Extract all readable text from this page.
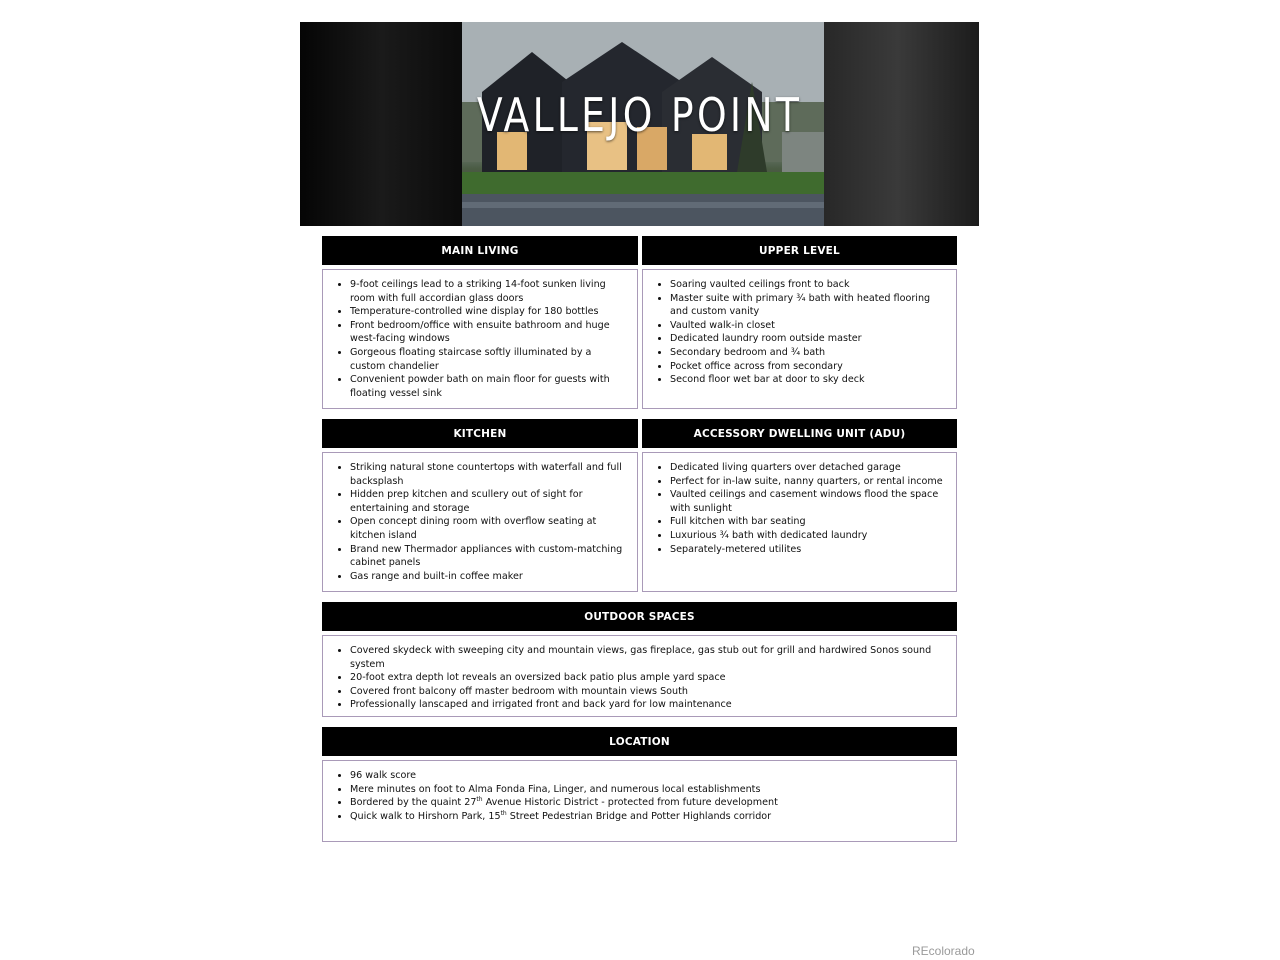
VALLEJO POINT
MAIN LIVING
• 9-foot ceilings lead to a striking 14-foot sunken living room with full accordian glass doors
• Temperature-controlled wine display for 180 bottles
• Front bedroom/office with ensuite bathroom and huge west-facing windows
• Gorgeous floating staircase softly illuminated by a custom chandelier
• Convenient powder bath on main floor for guests with floating vessel sink
UPPER LEVEL
• Soaring vaulted ceilings front to back
• Master suite with primary ¾ bath with heated flooring and custom vanity
• Vaulted walk-in closet
• Dedicated laundry room outside master
• Secondary bedroom and ¾ bath
• Pocket office across from secondary
• Second floor wet bar at door to sky deck
KITCHEN
• Striking natural stone countertops with waterfall and full backsplash
• Hidden prep kitchen and scullery out of sight for entertaining and storage
• Open concept dining room with overflow seating at kitchen island
• Brand new Thermador appliances with custom-matching cabinet panels
• Gas range and built-in coffee maker
ACCESSORY DWELLING UNIT (ADU)
• Dedicated living quarters over detached garage
• Perfect for in-law suite, nanny quarters, or rental income
• Vaulted ceilings and casement windows flood the space with sunlight
• Full kitchen with bar seating
• Luxurious ¾ bath with dedicated laundry
• Separately-metered utilites
OUTDOOR SPACES
• Covered skydeck with sweeping city and mountain views, gas fireplace, gas stub out for grill and hardwired Sonos sound system
• 20-foot extra depth lot reveals an oversized back patio plus ample yard space
• Covered front balcony off master bedroom with mountain views South
• Professionally lanscaped and irrigated front and back yard for low maintenance
LOCATION
• 96 walk score
• Mere minutes on foot to Alma Fonda Fina, Linger, and numerous local establishments
• Bordered by the quaint 27th Avenue Historic District - protected from future development
• Quick walk to Hirshorn Park, 15th Street Pedestrian Bridge and Potter Highlands corridor
REcolorado
